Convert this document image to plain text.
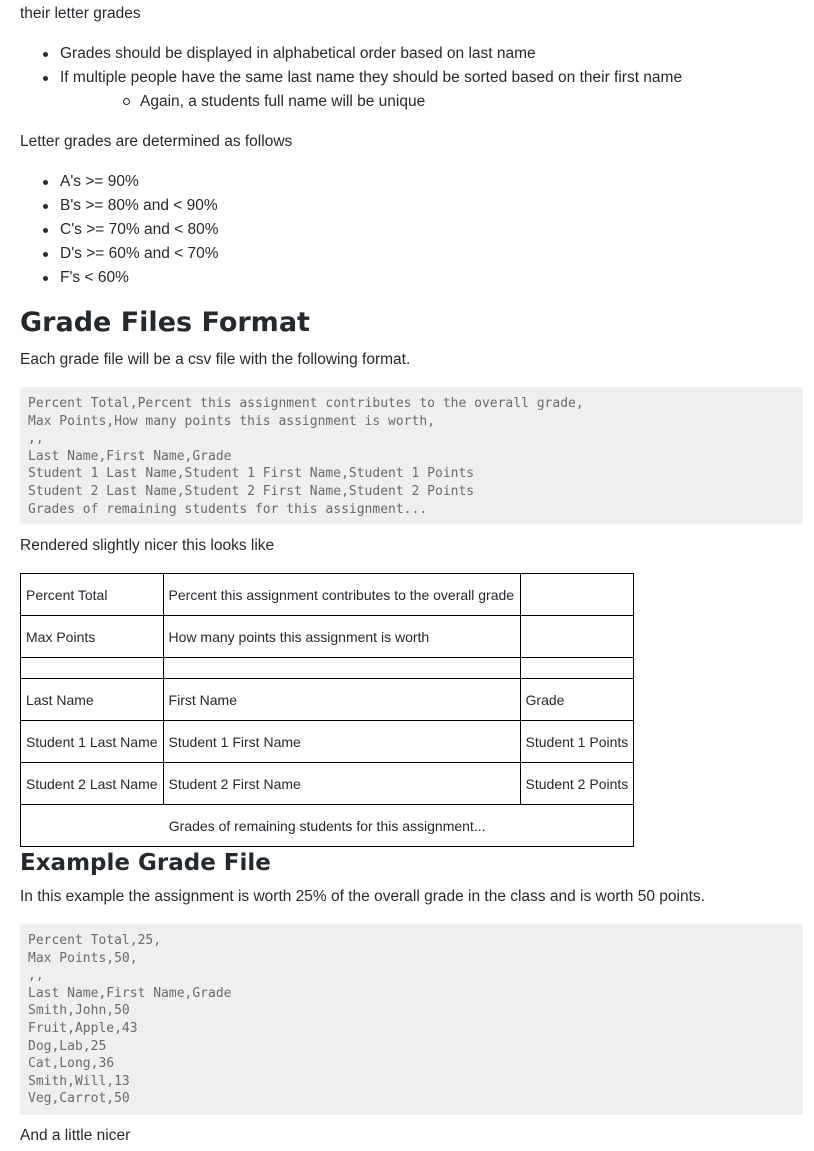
their letter grades

Grades should be displayed in alphabetical order based on last name
If multiple people have the same last name they should be sorted based on their first name
Again, a students full name will be unique

Letter grades are determined as follows

A's >= 90%
B's >= 80% and < 90%
C's >= 70% and < 80%
D's >= 60% and < 70%
F's < 60%
Grade Files Format

Each grade file will be a csv file with the following format.

Percent Total,Percent this assignment contributes to the overall grade,
Max Points,How many points this assignment is worth,
,,
Last Name,First Name,Grade
Student 1 Last Name,Student 1 First Name,Student 1 Points
Student 2 Last Name,Student 2 First Name,Student 2 Points
Grades of remaining students for this assignment...

Rendered slightly nicer this looks like

Percent Total	Percent this assignment contributes to the overall grade	
Max Points	How many points this assignment is worth	

Last Name	First Name	Grade
Student 1 Last Name	Student 1 First Name	Student 1 Points
Student 2 Last Name	Student 2 First Name	Student 2 Points
Grades of remaining students for this assignment...		
Example Grade File

In this example the assignment is worth 25% of the overall grade in the class and is worth 50 points.

Percent Total,25,
Max Points,50,
,,
Last Name,First Name,Grade
Smith,John,50
Fruit,Apple,43
Dog,Lab,25
Cat,Long,36
Smith,Will,13
Veg,Carrot,50

And a little nicer
